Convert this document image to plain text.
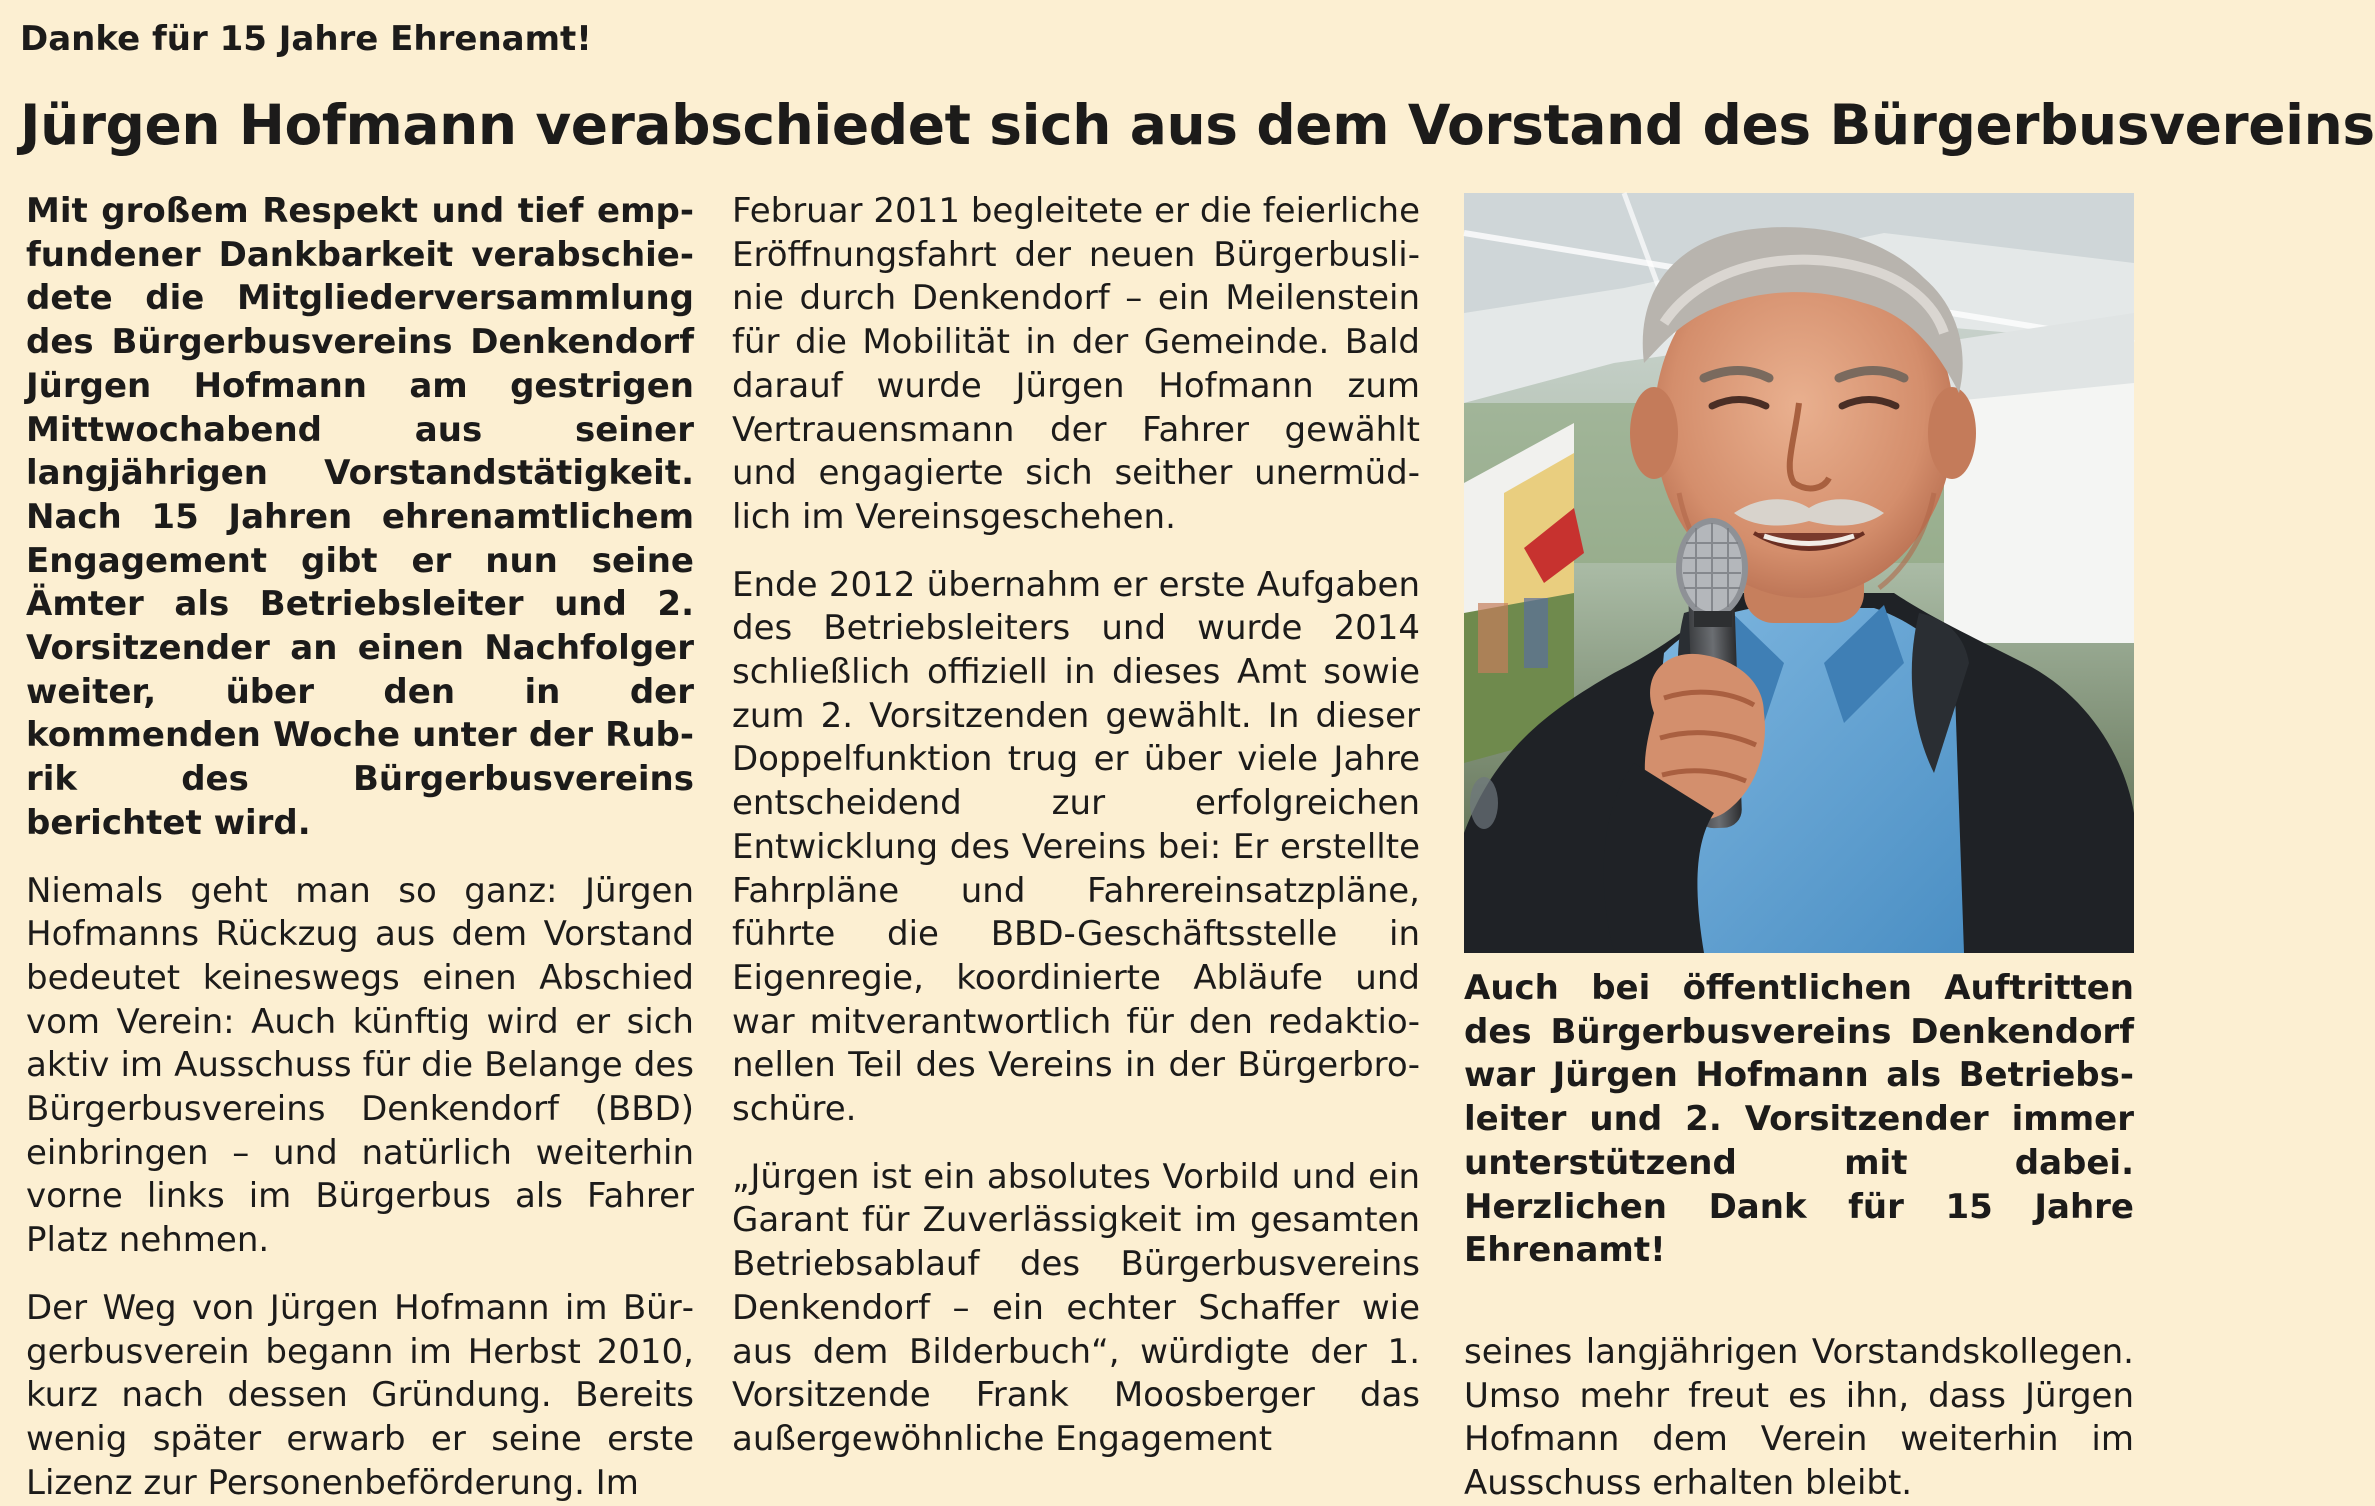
Danke für 15 Jahre Ehrenamt!
Jürgen Hofmann verabschiedet sich aus dem Vorstand des Bürgerbusvereins

Mit großem Respekt und tief empfundener Dankbarkeit verabschiedete die Mitgliederversammlung des Bürgerbusvereins Denkendorf Jürgen Hofmann am gestrigen Mittwochabend aus seiner langjährigen Vorstandstätigkeit. Nach 15 Jahren ehrenamtlichem Engagement gibt er nun seine Ämter als Betriebsleiter und 2. Vorsitzender an einen Nachfolger weiter, über den in der kommenden Woche unter der Rubrik des Bürgerbusvereins berichtet wird.

Niemals geht man so ganz: Jürgen Hofmanns Rückzug aus dem Vorstand bedeutet keineswegs einen Abschied vom Verein: Auch künftig wird er sich aktiv im Ausschuss für die Belange des Bürgerbusvereins Denkendorf (BBD) einbringen – und natürlich weiterhin vorne links im Bürgerbus als Fahrer Platz nehmen.

Der Weg von Jürgen Hofmann im Bürgerbusverein begann im Herbst 2010, kurz nach dessen Gründung. Bereits wenig später erwarb er seine erste Lizenz zur Personenbeförderung. Im

Februar 2011 begleitete er die feierliche Eröffnungsfahrt der neuen Bürgerbuslinie durch Denkendorf – ein Meilenstein für die Mobilität in der Gemeinde. Bald darauf wurde Jürgen Hofmann zum Vertrauensmann der Fahrer gewählt und engagierte sich seither unermüdlich im Vereinsgeschehen.

Ende 2012 übernahm er erste Aufgaben des Betriebsleiters und wurde 2014 schließlich offiziell in dieses Amt sowie zum 2. Vorsitzenden gewählt. In dieser Doppelfunktion trug er über viele Jahre entscheidend zur erfolgreichen Entwicklung des Vereins bei: Er erstellte Fahrpläne und Fahrereinsatzpläne, führte die BBD-Geschäftsstelle in Eigenregie, koordinierte Abläufe und war mitverantwortlich für den redaktionellen Teil des Vereins in der Bürgerbroschüre.

„Jürgen ist ein absolutes Vorbild und ein Garant für Zuverlässigkeit im gesamten Betriebsablauf des Bürgerbusvereins Denkendorf – ein echter Schaffer wie aus dem Bilderbuch“, würdigte der 1. Vorsitzende Frank Moosberger das außergewöhnliche Engagement

Auch bei öffentlichen Auftritten des Bürgerbusvereins Denkendorf war Jürgen Hofmann als Betriebsleiter und 2. Vorsitzender immer unterstützend mit dabei. Herzlichen Dank für 15 Jahre Ehrenamt!

seines langjährigen Vorstandskollegen. Umso mehr freut es ihn, dass Jürgen Hofmann dem Verein weiterhin im Ausschuss erhalten bleibt.
